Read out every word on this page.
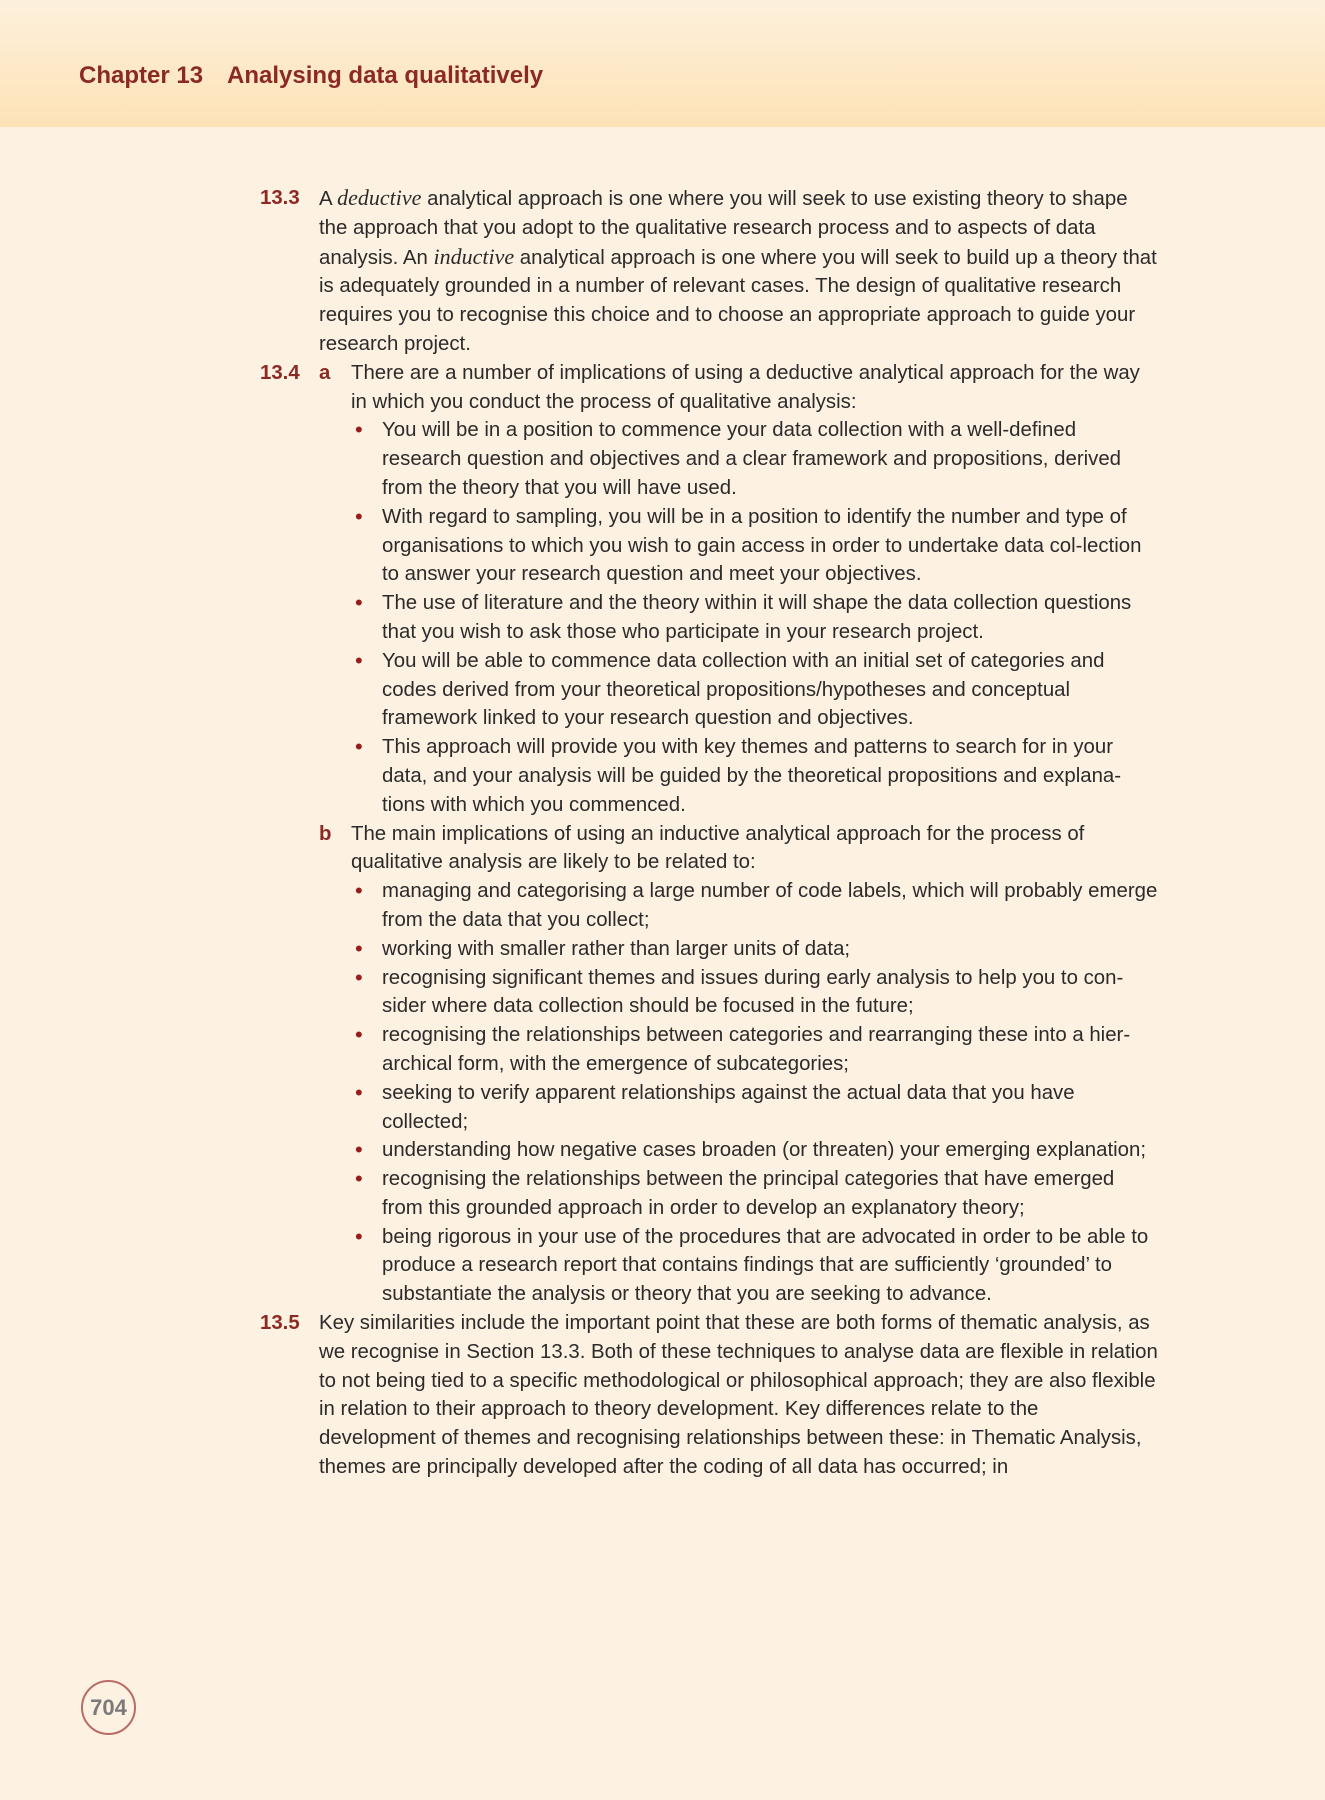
Chapter 13 Analysing data qualitatively
13.3 A deductive analytical approach is one where you will seek to use existing theory to shape the approach that you adopt to the qualitative research process and to aspects of data analysis. An inductive analytical approach is one where you will seek to build up a theory that is adequately grounded in a number of relevant cases. The design of qualitative research requires you to recognise this choice and to choose an appropriate approach to guide your research project.
13.4 a	There are a number of implications of using a deductive analytical approach for the way in which you conduct the process of qualitative analysis:
• You will be in a position to commence your data collection with a well-defined research question and objectives and a clear framework and propositions, derived from the theory that you will have used.
• With regard to sampling, you will be in a position to identify the number and type of organisations to which you wish to gain access in order to undertake data col-lection to answer your research question and meet your objectives.
• The use of literature and the theory within it will shape the data collection questions that you wish to ask those who participate in your research project.
• You will be able to commence data collection with an initial set of categories and codes derived from your theoretical propositions/hypotheses and conceptual framework linked to your research question and objectives.
• This approach will provide you with key themes and patterns to search for in your data, and your analysis will be guided by the theoretical propositions and explana-tions with which you commenced.
b The main implications of using an inductive analytical approach for the process of qualitative analysis are likely to be related to:
• managing and categorising a large number of code labels, which will probably emerge from the data that you collect;
• working with smaller rather than larger units of data;
• recognising significant themes and issues during early analysis to help you to con-sider where data collection should be focused in the future;
• recognising the relationships between categories and rearranging these into a hier-archical form, with the emergence of subcategories;
• seeking to verify apparent relationships against the actual data that you have collected;
• understanding how negative cases broaden (or threaten) your emerging explanation;
• recognising the relationships between the principal categories that have emerged from this grounded approach in order to develop an explanatory theory;
• being rigorous in your use of the procedures that are advocated in order to be able to produce a research report that contains findings that are sufficiently ‘grounded’ to substantiate the analysis or theory that you are seeking to advance.
13.5 Key similarities include the important point that these are both forms of thematic analysis, as we recognise in Section 13.3. Both of these techniques to analyse data are flexible in relation to not being tied to a specific methodological or philosophical approach; they are also flexible in relation to their approach to theory development. Key differences relate to the development of themes and recognising relationships between these: in Thematic Analysis, themes are principally developed after the coding of all data has occurred; in
704
